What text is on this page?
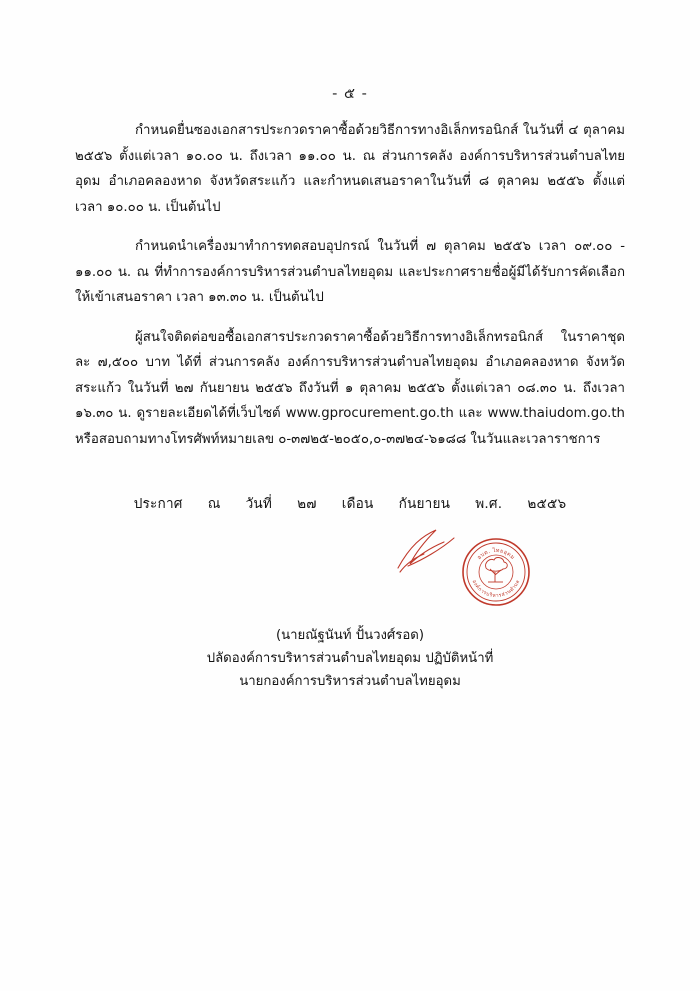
- ๕ -

กำหนดยื่นซองเอกสารประกวดราคาซื้อด้วยวิธีการทางอิเล็กทรอนิกส์ ในวันที่ ๔ ตุลาคม ๒๕๕๖ ตั้งแต่เวลา ๑๐.๐๐ น. ถึงเวลา ๑๑.๐๐ น. ณ ส่วนการคลัง องค์การบริหารส่วนตำบลไทยอุดม อำเภอคลองหาด จังหวัดสระแก้ว และกำหนดเสนอราคาในวันที่ ๘ ตุลาคม ๒๕๕๖ ตั้งแต่เวลา ๑๐.๐๐ น. เป็นต้นไป

กำหนดนำเครื่องมาทำการทดสอบอุปกรณ์ ในวันที่ ๗ ตุลาคม ๒๕๕๖ เวลา ๐๙.๐๐ - ๑๑.๐๐ น. ณ ที่ทำการองค์การบริหารส่วนตำบลไทยอุดม และประกาศรายชื่อผู้มีได้รับการคัดเลือกให้เข้าเสนอราคา เวลา ๑๓.๓๐ น. เป็นต้นไป

ผู้สนใจติดต่อขอซื้อเอกสารประกวดราคาซื้อด้วยวิธีการทางอิเล็กทรอนิกส์ ในราคาชุดละ ๗,๕๐๐ บาท ได้ที่ ส่วนการคลัง องค์การบริหารส่วนตำบลไทยอุดม อำเภอคลองหาด จังหวัดสระแก้ว ในวันที่ ๒๗ กันยายน ๒๕๕๖ ถึงวันที่ ๑ ตุลาคม ๒๕๕๖ ตั้งแต่เวลา ๐๘.๓๐ น. ถึงเวลา ๑๖.๓๐ น. ดูรายละเอียดได้ที่เว็บไซต์ www.gprocurement.go.th และ www.thaiudom.go.th หรือสอบถามทางโทรศัพท์หมายเลข ๐-๓๗๒๕-๒๐๕๐,๐-๓๗๒๔-๖๑๘๘ ในวันและเวลาราชการ

ประกาศ ณ วันที่ ๒๗ เดือน กันยายน พ.ศ. ๒๕๕๖
อบต. ไทยอุดม
องค์การบริหารส่วนตำบล
(นายณัฐนันท์ ปั้นวงศ์รอด)
ปลัดองค์การบริหารส่วนตำบลไทยอุดม ปฏิบัติหน้าที่
นายกองค์การบริหารส่วนตำบลไทยอุดม
